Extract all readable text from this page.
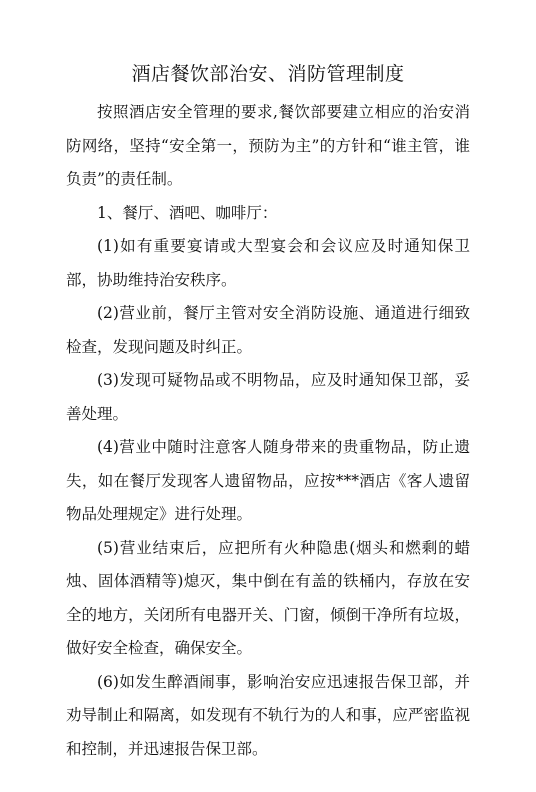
酒店餐饮部治安、消防管理制度

按照酒店安全管理的要求,餐饮部要建立相应的治安消防网络，坚持“安全第一，预防为主”的方针和“谁主管，谁负责”的责任制。

1、餐厅、酒吧、咖啡厅：

(1)如有重要宴请或大型宴会和会议应及时通知保卫部，协助维持治安秩序。

(2)营业前，餐厅主管对安全消防设施、通道进行细致检查，发现问题及时纠正。

(3)发现可疑物品或不明物品，应及时通知保卫部，妥善处理。

(4)营业中随时注意客人随身带来的贵重物品，防止遗失，如在餐厅发现客人遗留物品，应按***酒店《客人遗留物品处理规定》进行处理。

(5)营业结束后，应把所有火种隐患(烟头和燃剩的蜡烛、固体酒精等)熄灭，集中倒在有盖的铁桶内，存放在安全的地方，关闭所有电器开关、门窗，倾倒干净所有垃圾，做好安全检查，确保安全。

(6)如发生醉酒闹事，影响治安应迅速报告保卫部，并劝导制止和隔离，如发现有不轨行为的人和事，应严密监视和控制，并迅速报告保卫部。
